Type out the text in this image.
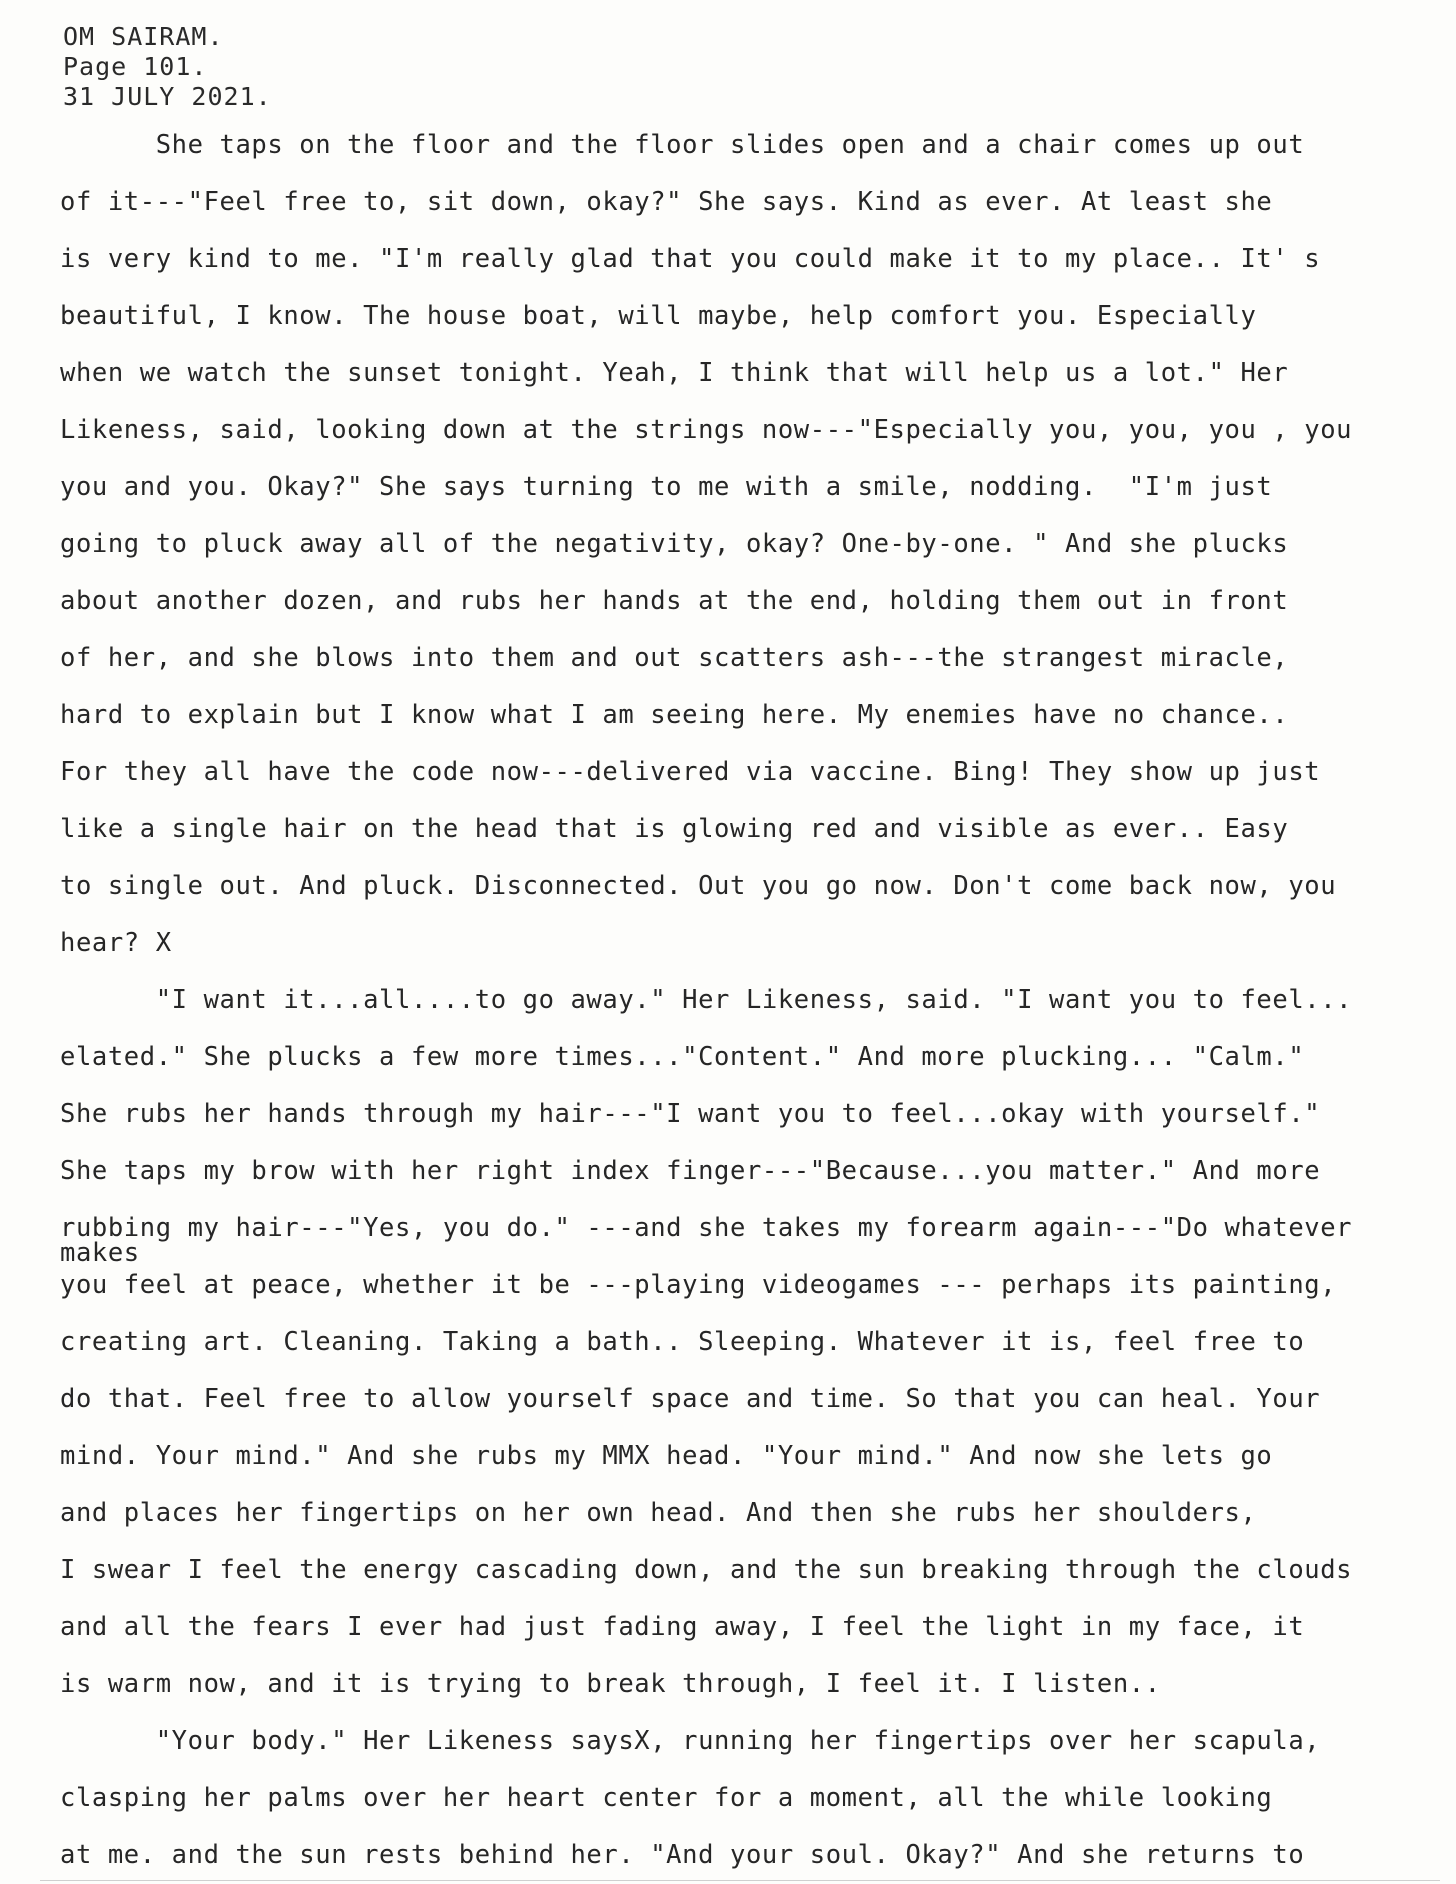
OM SAIRAM.
Page 101.
31 JULY 2021.
She taps on the floor and the floor slides open and a chair comes up out
of it---"Feel free to, sit down, okay?" She says. Kind as ever. At least she
is very kind to me. "I'm really glad that you could make it to my place.. It' s
beautiful, I know. The house boat, will maybe, help comfort you. Especially
when we watch the sunset tonight. Yeah, I think that will help us a lot." Her
Likeness, said, looking down at the strings now---"Especially you, you, you , you
you and you. Okay?" She says turning to me with a smile, nodding.  "I'm just
going to pluck away all of the negativity, okay? One-by-one. " And she plucks
about another dozen, and rubs her hands at the end, holding them out in front
of her, and she blows into them and out scatters ash---the strangest miracle,
hard to explain but I know what I am seeing here. My enemies have no chance..
For they all have the code now---delivered via vaccine. Bing! They show up just
like a single hair on the head that is glowing red and visible as ever.. Easy
to single out. And pluck. Disconnected. Out you go now. Don't come back now, you
hear? X
"I want it...all....to go away." Her Likeness, said. "I want you to feel...
elated." She plucks a few more times..."Content." And more plucking... "Calm."
She rubs her hands through my hair---"I want you to feel...okay with yourself."
She taps my brow with her right index finger---"Because...you matter." And more
rubbing my hair---"Yes, you do." ---and she takes my forearm again---"Do whatever
makes
you feel at peace, whether it be ---playing videogames --- perhaps its painting,
creating art. Cleaning. Taking a bath.. Sleeping. Whatever it is, feel free to
do that. Feel free to allow yourself space and time. So that you can heal. Your
mind. Your mind." And she rubs my MMX head. "Your mind." And now she lets go
and places her fingertips on her own head. And then she rubs her shoulders,
I swear I feel the energy cascading down, and the sun breaking through the clouds
and all the fears I ever had just fading away, I feel the light in my face, it
is warm now, and it is trying to break through, I feel it. I listen..
"Your body." Her Likeness saysX, running her fingertips over her scapula,
clasping her palms over her heart center for a moment, all the while looking
at me. and the sun rests behind her. "And your soul. Okay?" And she returns to
